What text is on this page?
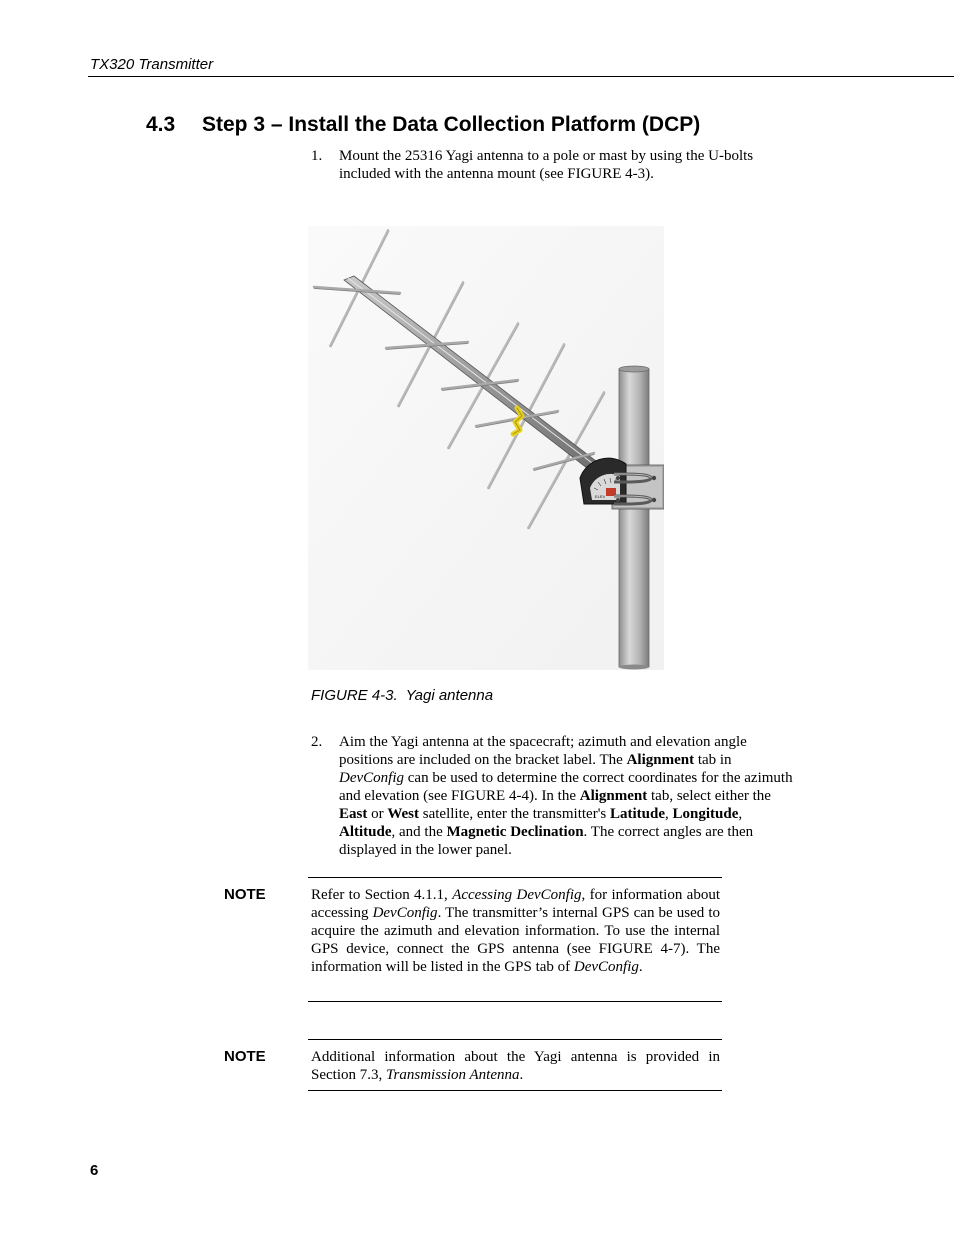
TX320 Transmitter
4.3 Step 3 – Install the Data Collection Platform (DCP)
1. Mount the 25316 Yagi antenna to a pole or mast by using the U-bolts included with the antenna mount (see FIGURE 4-3).
ELEV
FIGURE 4-3. Yagi antenna
2. Aim the Yagi antenna at the spacecraft; azimuth and elevation angle positions are included on the bracket label. The Alignment tab in DevConfig can be used to determine the correct coordinates for the azimuth and elevation (see FIGURE 4-4). In the Alignment tab, select either the East or West satellite, enter the transmitter's Latitude, Longitude, Altitude, and the Magnetic Declination. The correct angles are then displayed in the lower panel.
NOTE	Refer to Section 4.1.1, Accessing DevConfig, for information about accessing DevConfig. The transmitter’s internal GPS can be used to acquire the azimuth and elevation information. To use the internal GPS device, connect the GPS antenna (see FIGURE 4-7). The information will be listed in the GPS tab of DevConfig.
NOTE	Additional information about the Yagi antenna is provided in Section 7.3, Transmission Antenna.
6
